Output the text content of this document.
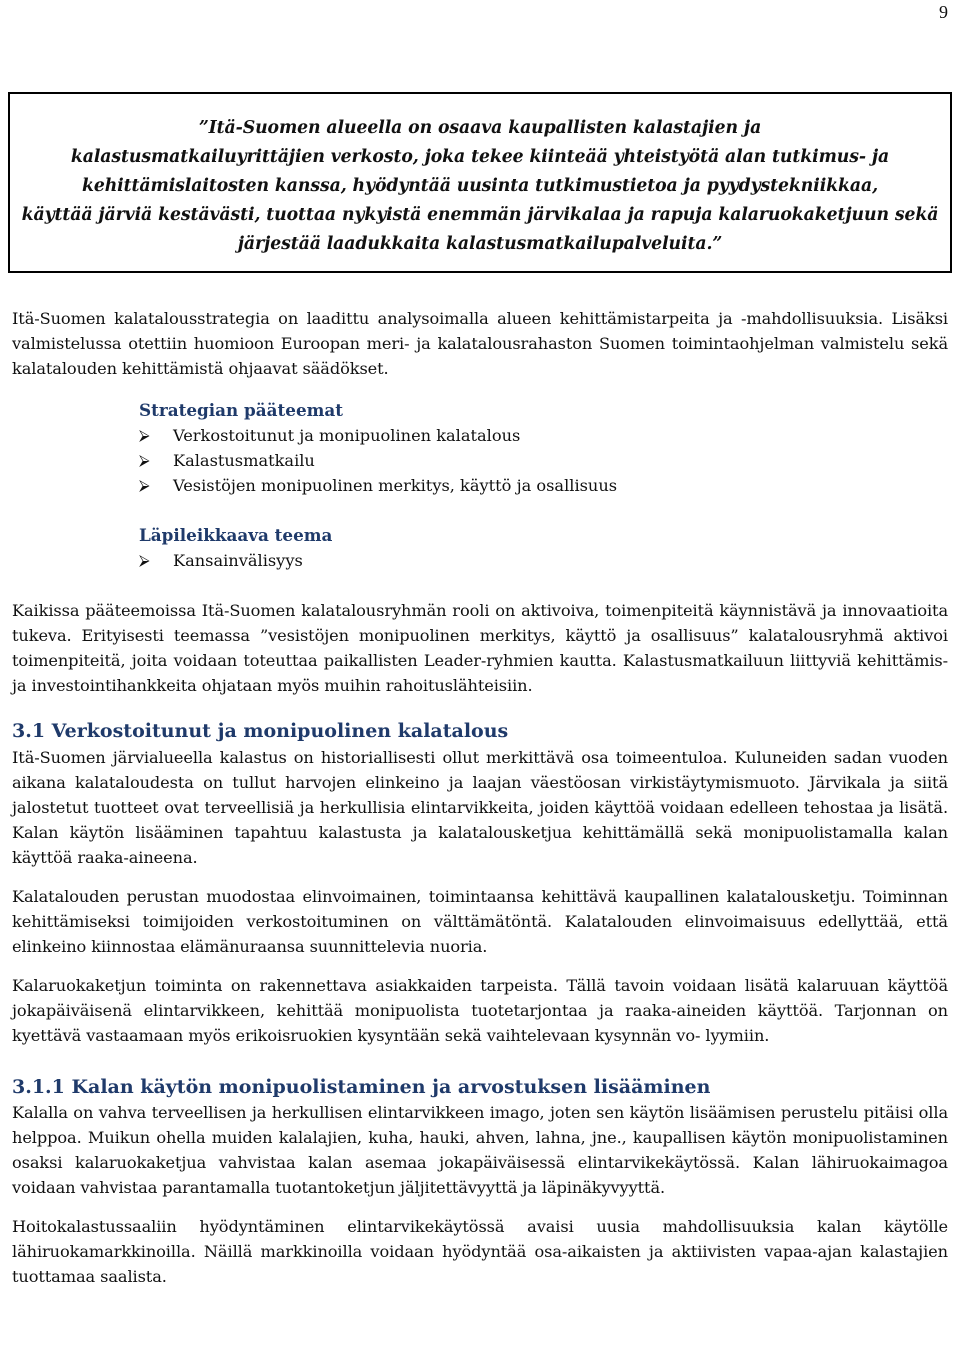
9
”Itä-Suomen alueella on osaava kaupallisten kalastajien ja
kalastusmatkailuyrittäjien verkosto, joka tekee kiinteää yhteistyötä alan tutkimus- ja
kehittämislaitosten kanssa, hyödyntää uusinta tutkimustietoa ja pyydystekniikkaa,
käyttää järviä kestävästi, tuottaa nykyistä enemmän järvikalaa ja rapuja kalaruokaketjuun sekä
järjestää laadukkaita kalastusmatkailupalveluita.”

Itä-Suomen kalatalousstrategia on laadittu analysoimalla alueen kehittämistarpeita ja -mahdollisuuksia. Lisäksi valmistelussa otettiin huomioon Euroopan meri- ja kalatalousrahaston Suomen toimintaohjelman valmistelu sekä kalatalouden kehittämistä ohjaavat säädökset.

Strategian pääteemat
⮚	Verkostoitunut ja monipuolinen kalatalous
⮚	Kalastusmatkailu
⮚	Vesistöjen monipuolinen merkitys, käyttö ja osallisuus
Läpileikkaava teema
⮚	Kansainvälisyys

Kaikissa pääteemoissa Itä-Suomen kalatalousryhmän rooli on aktivoiva, toimenpiteitä käynnistävä ja innovaatioita tukeva. Erityisesti teemassa ”vesistöjen monipuolinen merkitys, käyttö ja osallisuus” kalatalousryhmä aktivoi toimenpiteitä, joita voidaan toteuttaa paikallisten Leader-ryhmien kautta. Kalastusmatkailuun liittyviä kehittämis- ja investointihankkeita ohjataan myös muihin rahoituslähteisiin.

3.1 Verkostoitunut ja monipuolinen kalatalous

Itä-Suomen järvialueella kalastus on historiallisesti ollut merkittävä osa toimeentuloa. Kuluneiden sadan vuoden aikana kalataloudesta on tullut harvojen elinkeino ja laajan väestöosan virkistäytymismuoto. Järvikala ja siitä jalostetut tuotteet ovat terveellisiä ja herkullisia elintarvikkeita, joiden käyttöä voidaan edelleen tehostaa ja lisätä. Kalan käytön lisääminen tapahtuu kalastusta ja kalatalousketjua kehittämällä sekä monipuolistamalla kalan käyttöä raaka-aineena.

Kalatalouden perustan muodostaa elinvoimainen, toimintaansa kehittävä kaupallinen kalatalousketju. Toiminnan kehittämiseksi toimijoiden verkostoituminen on välttämätöntä. Kalatalouden elinvoimaisuus edellyttää, että elinkeino kiinnostaa elämänuraansa suunnittelevia nuoria.

Kalaruokaketjun toiminta on rakennettava asiakkaiden tarpeista. Tällä tavoin voidaan lisätä kalaruuan käyttöä jokapäiväisenä elintarvikkeen, kehittää monipuolista tuotetarjontaa ja raaka-aineiden käyttöä. Tarjonnan on kyettävä vastaamaan myös erikoisruokien kysyntään sekä vaihtelevaan kysynnän vo- lyymiin.

3.1.1 Kalan käytön monipuolistaminen ja arvostuksen lisääminen

Kalalla on vahva terveellisen ja herkullisen elintarvikkeen imago, joten sen käytön lisäämisen perustelu pitäisi olla helppoa. Muikun ohella muiden kalalajien, kuha, hauki, ahven, lahna, jne., kaupallisen käytön monipuolistaminen osaksi kalaruokaketjua vahvistaa kalan asemaa jokapäiväisessä elintarvikekäytössä. Kalan lähiruokaimagoa voidaan vahvistaa parantamalla tuotantoketjun jäljitettävyyttä ja läpinäkyvyyttä.

Hoitokalastussaaliin hyödyntäminen elintarvikekäytössä avaisi uusia mahdollisuuksia kalan käytölle lähiruokamarkkinoilla. Näillä markkinoilla voidaan hyödyntää osa-aikaisten ja aktiivisten vapaa-ajan kalastajien tuottamaa saalista.
